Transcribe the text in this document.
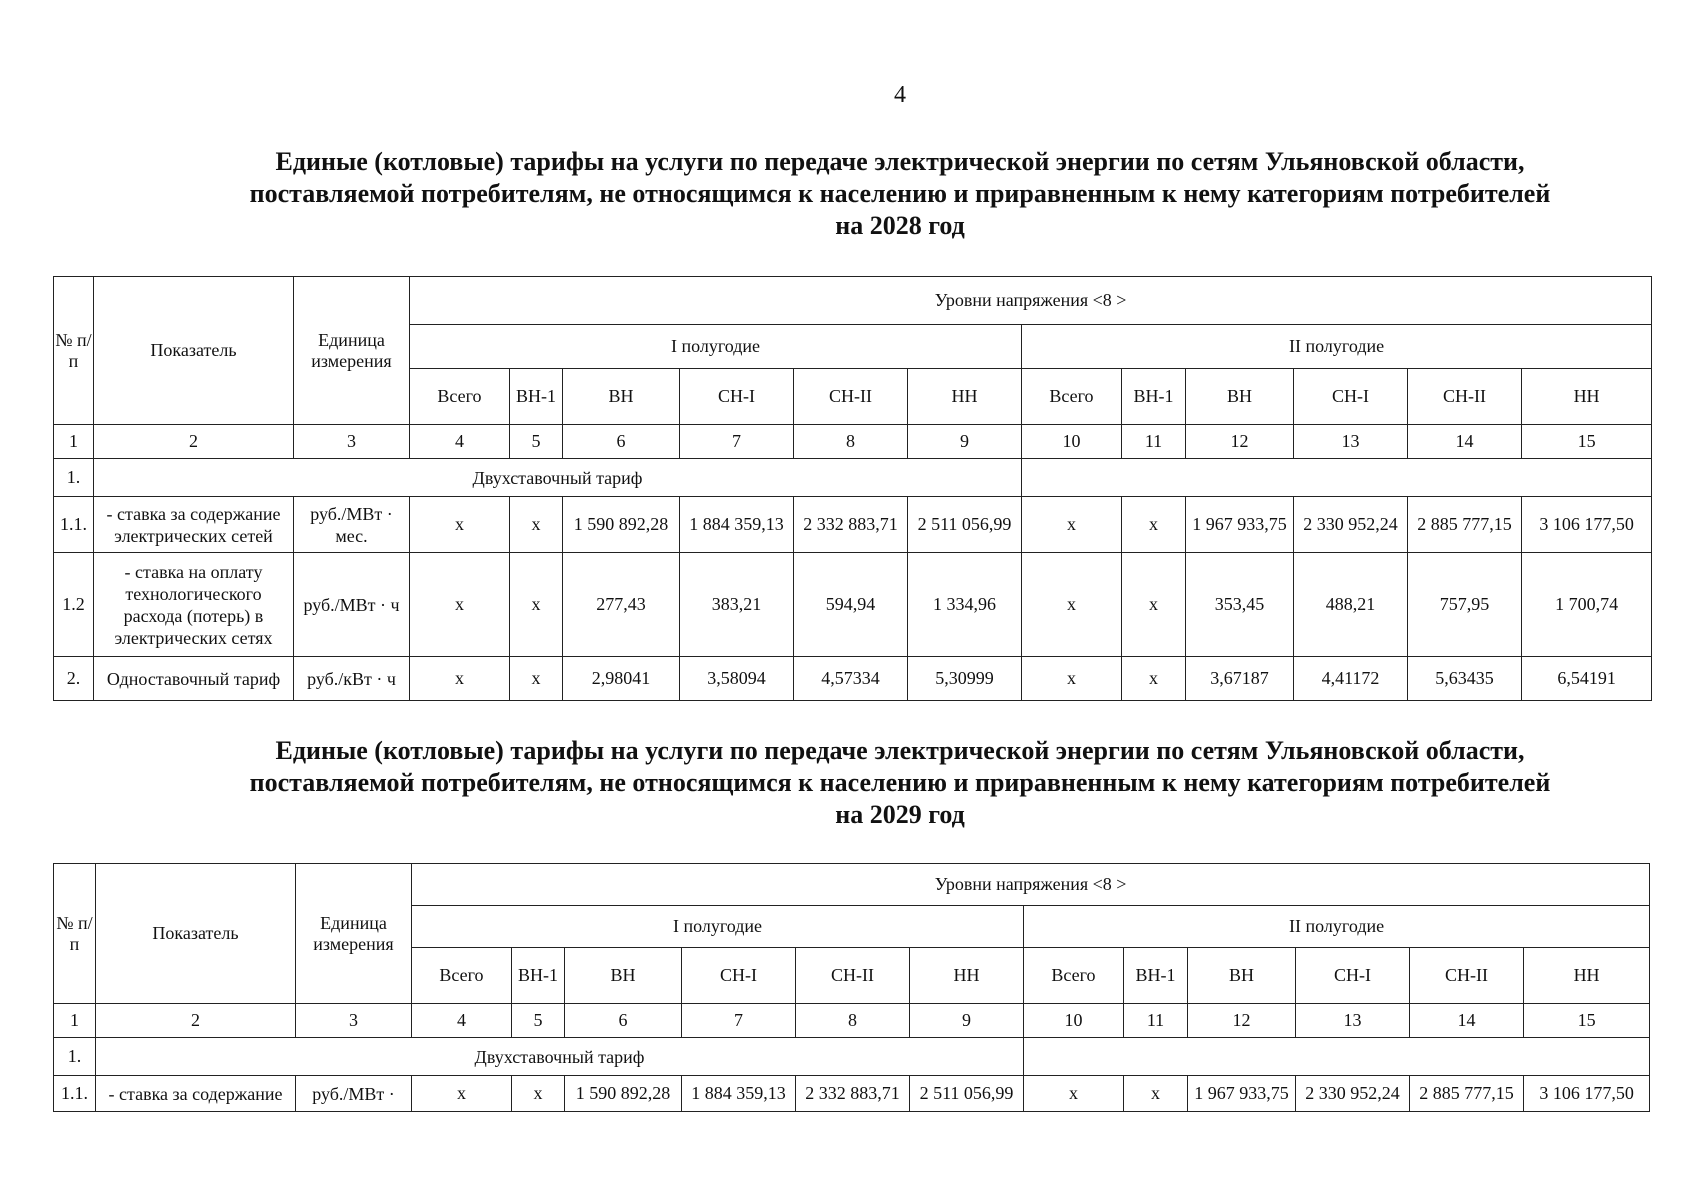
4
Единые (котловые) тарифы на услуги по передаче электрической энергии по сетям Ульяновской области,
поставляемой потребителям, не относящимся к населению и приравненным к нему категориям потребителей
на 2028 год
№ п/п	Показатель	Единица измерения	Уровни напряжения <8 >											
			I полугодие						II полугодие					
			Всего	ВН-1	ВН	СН-I	СН-II	НН	Всего	ВН-1	ВН	СН-I	СН-II	НН
1	2	3	4	5	6	7	8	9	10	11	12	13	14	15
1.	Двухставочный тариф													
1.1.	- ставка за содержание электрических сетей	руб./МВт · мес.	х	х	1 590 892,28	1 884 359,13	2 332 883,71	2 511 056,99	х	х	1 967 933,75	2 330 952,24	2 885 777,15	3 106 177,50
1.2	- ставка на оплату технологического расхода (потерь) в электрических сетях	руб./МВт · ч	х	х	277,43	383,21	594,94	1 334,96	х	х	353,45	488,21	757,95	1 700,74
2.	Одноставочный тариф	руб./кВт · ч	х	х	2,98041	3,58094	4,57334	5,30999	х	х	3,67187	4,41172	5,63435	6,54191
Единые (котловые) тарифы на услуги по передаче электрической энергии по сетям Ульяновской области,
поставляемой потребителям, не относящимся к населению и приравненным к нему категориям потребителей
на 2029 год
№ п/п	Показатель	Единица измерения	Уровни напряжения <8 >											
			I полугодие						II полугодие					
			Всего	ВН-1	ВН	СН-I	СН-II	НН	Всего	ВН-1	ВН	СН-I	СН-II	НН
1	2	3	4	5	6	7	8	9	10	11	12	13	14	15
1.	Двухставочный тариф													
1.1.	- ставка за содержание	руб./МВт ·	х	х	1 590 892,28	1 884 359,13	2 332 883,71	2 511 056,99	х	х	1 967 933,75	2 330 952,24	2 885 777,15	3 106 177,50
